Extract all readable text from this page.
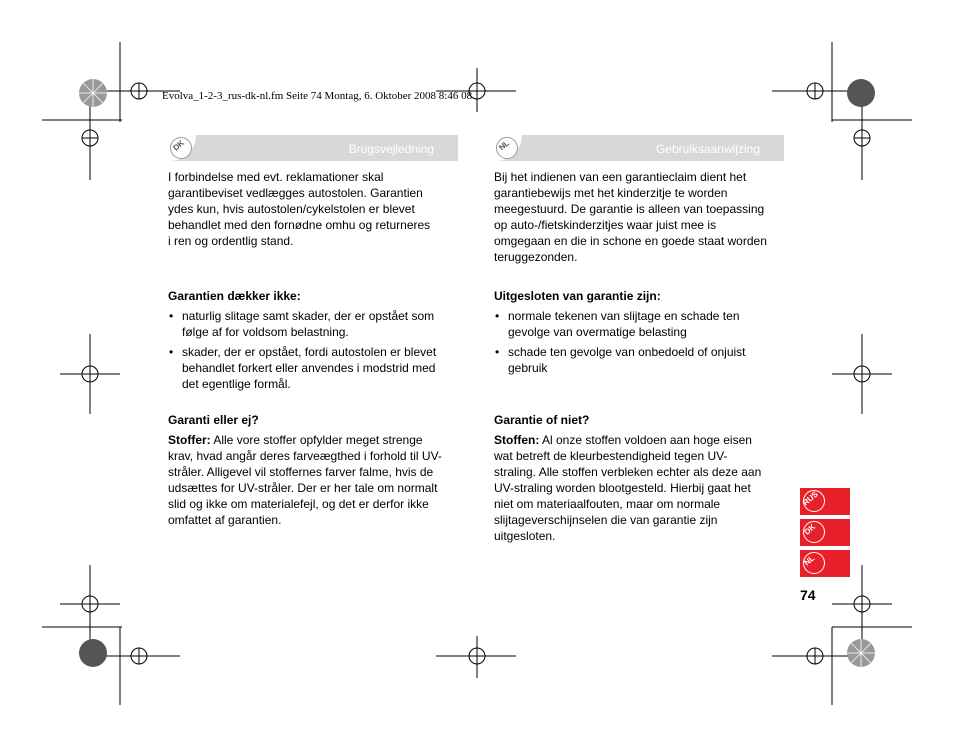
Evolva_1-2-3_rus-dk-nl.fm Seite 74 Montag, 6. Oktober 2008 8:46 08
DK	Brugsvejledning	NL	Gebruiksaanwijzing

I forbindelse med evt. reklamationer skal

garantibeviset vedlægges autostolen. Garantien

ydes kun, hvis autostolen/cykelstolen er blevet

behandlet med den fornødne omhu og returneres

i ren og ordentlig stand.

Garantien dækker ikke:

• naturlig slitage samt skader, der er opstået som
følge af for voldsom belastning.
• skader, der er opstået, fordi autostolen er blevet
behandlet forkert eller anvendes i modstrid med
det egentlige formål.

Garanti eller ej?

Stoffer: Alle vore stoffer opfylder meget strenge

krav, hvad angår deres farveægthed i forhold til UV-

stråler. Alligevel vil stoffernes farver falme, hvis de

udsættes for UV-stråler. Der er her tale om normalt

slid og ikke om materialefejl, og det er derfor ikke

omfattet af garantien.

Bij het indienen van een garantieclaim dient het

garantiebewijs met het kinderzitje te worden

meegestuurd. De garantie is alleen van toepassing

op auto-/fietskinderzitjes waar juist mee is

omgegaan en die in schone en goede staat worden

teruggezonden.

Uitgesloten van garantie zijn:

• normale tekenen van slijtage en schade ten
gevolge van overmatige belasting
• schade ten gevolge van onbedoeld of onjuist
gebruik

Garantie of niet?

Stoffen: Al onze stoffen voldoen aan hoge eisen

wat betreft de kleurbestendigheid tegen UV-

straling. Alle stoffen verbleken echter als deze aan

UV-straling worden blootgesteld. Hierbij gaat het

niet om materiaalfouten, maar om normale

slijtageverschijnselen die van garantie zijn

uitgesloten.

RUS
DK
NL
74
